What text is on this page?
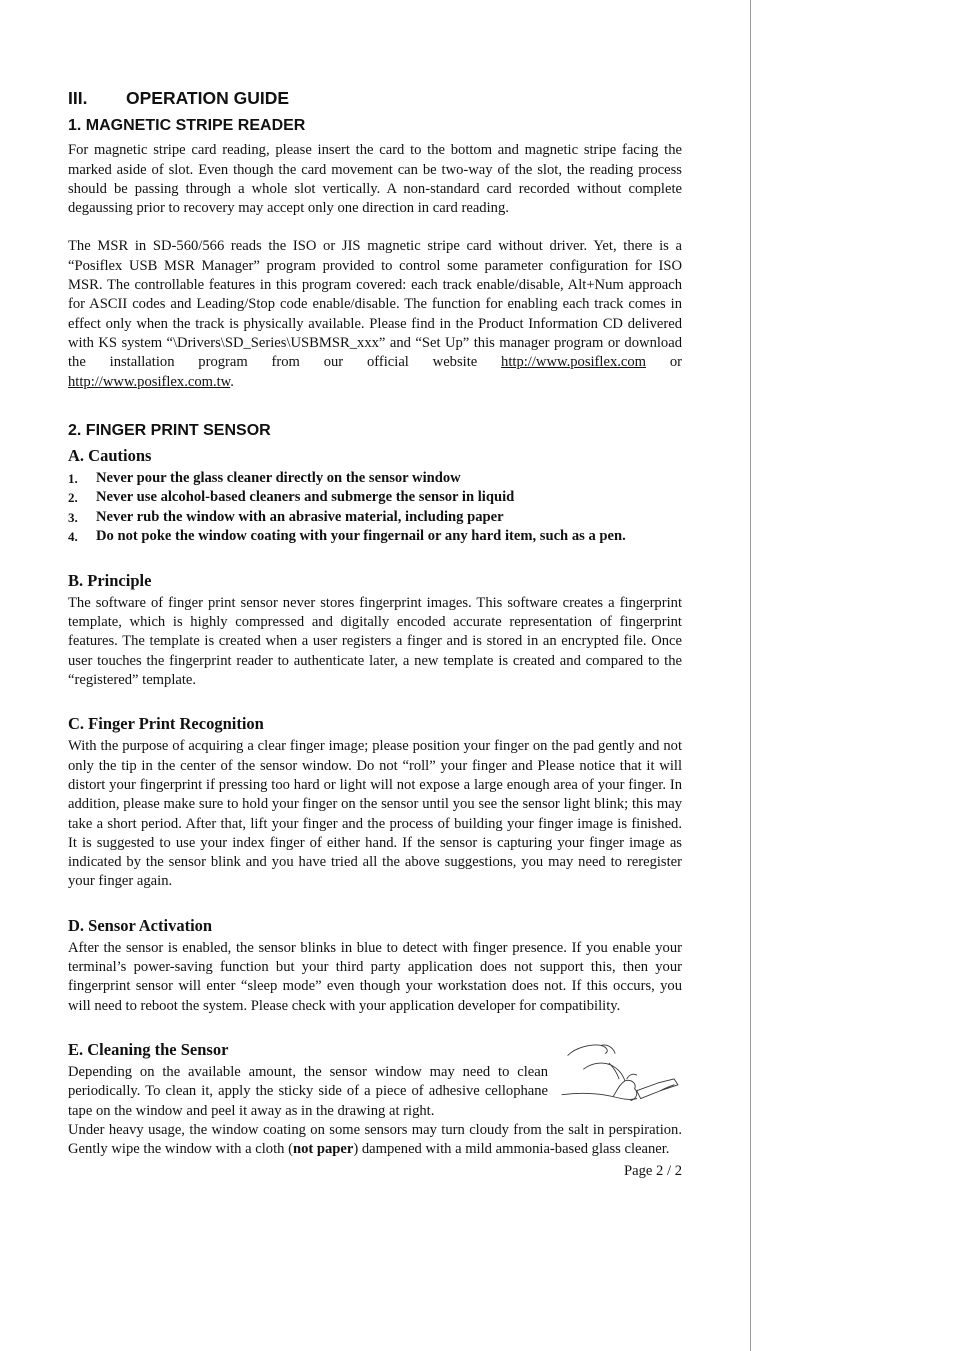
III.	OPERATION GUIDE
1. MAGNETIC STRIPE READER

For magnetic stripe card reading, please insert the card to the bottom and magnetic stripe facing the marked aside of slot. Even though the card movement can be two-way of the slot, the reading process should be passing through a whole slot vertically. A non-standard card recorded without complete degaussing prior to recovery may accept only one direction in card reading.

The MSR in SD-560/566 reads the ISO or JIS magnetic stripe card without driver. Yet, there is a “Posiflex USB MSR Manager” program provided to control some parameter configuration for ISO MSR. The controllable features in this program covered: each track enable/disable, Alt+Num approach for ASCII codes and Leading/Stop code enable/disable. The function for enabling each track comes in effect only when the track is physically available. Please find in the Product Information CD delivered with KS system “\Drivers\SD_Series\USBMSR_xxx” and “Set Up” this manager program or download the installation program from our official website http://www.posiflex.com or http://www.posiflex.com.tw.

2. FINGER PRINT SENSOR
A. Cautions
1.	Never pour the glass cleaner directly on the sensor window
2.	Never use alcohol-based cleaners and submerge the sensor in liquid
3.	Never rub the window with an abrasive material, including paper
4.	Do not poke the window coating with your fingernail or any hard item, such as a pen.
B. Principle

The software of finger print sensor never stores fingerprint images. This software creates a fingerprint template, which is highly compressed and digitally encoded accurate representation of fingerprint features. The template is created when a user registers a finger and is stored in an encrypted file. Once user touches the fingerprint reader to authenticate later, a new template is created and compared to the “registered” template.

C. Finger Print Recognition

With the purpose of acquiring a clear finger image; please position your finger on the pad gently and not only the tip in the center of the sensor window. Do not “roll” your finger and Please notice that it will distort your fingerprint if pressing too hard or light will not expose a large enough area of your finger. In addition, please make sure to hold your finger on the sensor until you see the sensor light blink; this may take a short period. After that, lift your finger and the process of building your finger image is finished. It is suggested to use your index finger of either hand. If the sensor is capturing your finger image as indicated by the sensor blink and you have tried all the above suggestions, you may need to reregister your finger again.

D. Sensor Activation

After the sensor is enabled, the sensor blinks in blue to detect with finger presence. If you enable your terminal’s power-saving function but your third party application does not support this, then your fingerprint sensor will enter “sleep mode” even though your workstation does not. If this occurs, you will need to reboot the system. Please check with your application developer for compatibility.

E. Cleaning the Sensor

Depending on the available amount, the sensor window may need to clean periodically. To clean it, apply the sticky side of a piece of adhesive cellophane tape on the window and peel it away as in the drawing at right.

Under heavy usage, the window coating on some sensors may turn cloudy from the salt in perspiration. Gently wipe the window with a cloth (not paper) dampened with a mild ammonia-based glass cleaner.

Page 2 / 2
